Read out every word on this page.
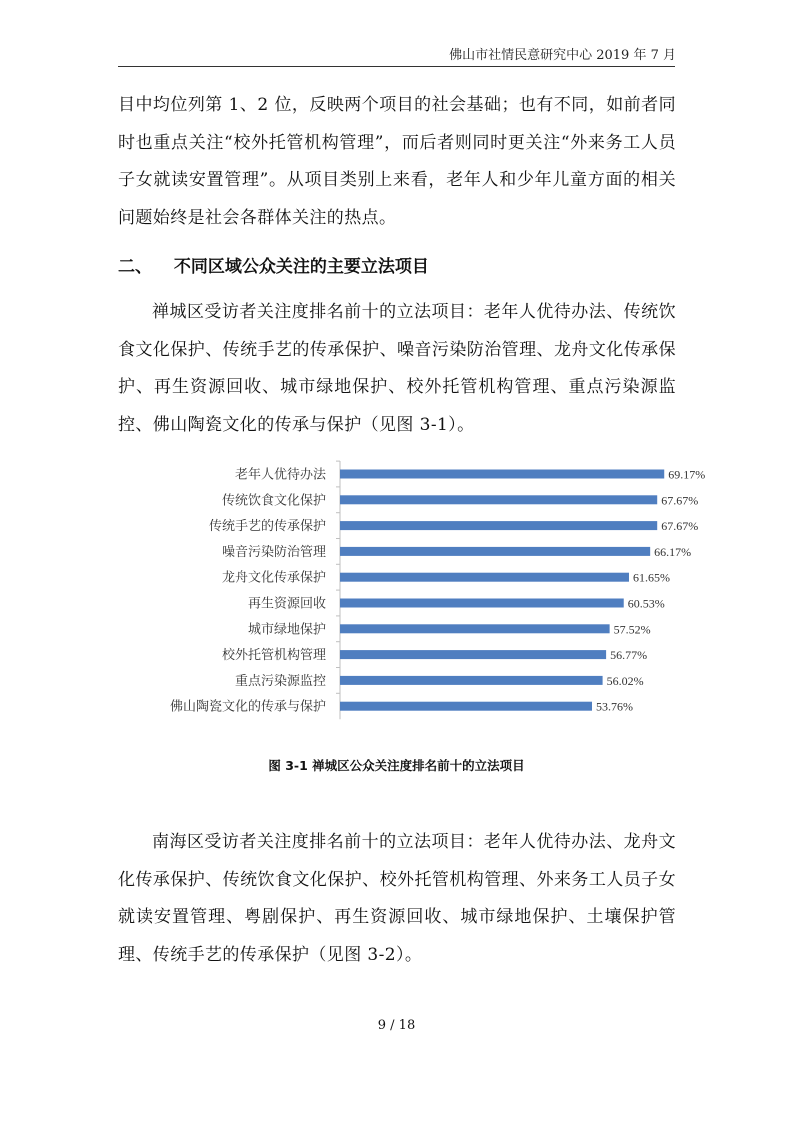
佛山市社情民意研究中心 2019 年 7 月

目中均位列第 1、2 位，反映两个项目的社会基础；也有不同，如前者同时也重点关注“校外托管机构管理”，而后者则同时更关注“外来务工人员子女就读安置管理”。从项目类别上来看，老年人和少年儿童方面的相关问题始终是社会各群体关注的热点。

二、 不同区域公众关注的主要立法项目

禅城区受访者关注度排名前十的立法项目：老年人优待办法、传统饮食文化保护、传统手艺的传承保护、噪音污染防治管理、龙舟文化传承保护、再生资源回收、城市绿地保护、校外托管机构管理、重点污染源监控、佛山陶瓷文化的传承与保护（见图 3-1）。

老年人优待办法	69.17%
传统饮食文化保护	67.67%
传统手艺的传承保护	67.67%
噪音污染防治管理	66.17%
龙舟文化传承保护	61.65%
再生资源回收	60.53%
城市绿地保护	57.52%
校外托管机构管理	56.77%
重点污染源监控	56.02%
佛山陶瓷文化的传承与保护	53.76%
图 3-1 禅城区公众关注度排名前十的立法项目

南海区受访者关注度排名前十的立法项目：老年人优待办法、龙舟文化传承保护、传统饮食文化保护、校外托管机构管理、外来务工人员子女就读安置管理、粤剧保护、再生资源回收、城市绿地保护、土壤保护管理、传统手艺的传承保护（见图 3-2）。

9 / 18
